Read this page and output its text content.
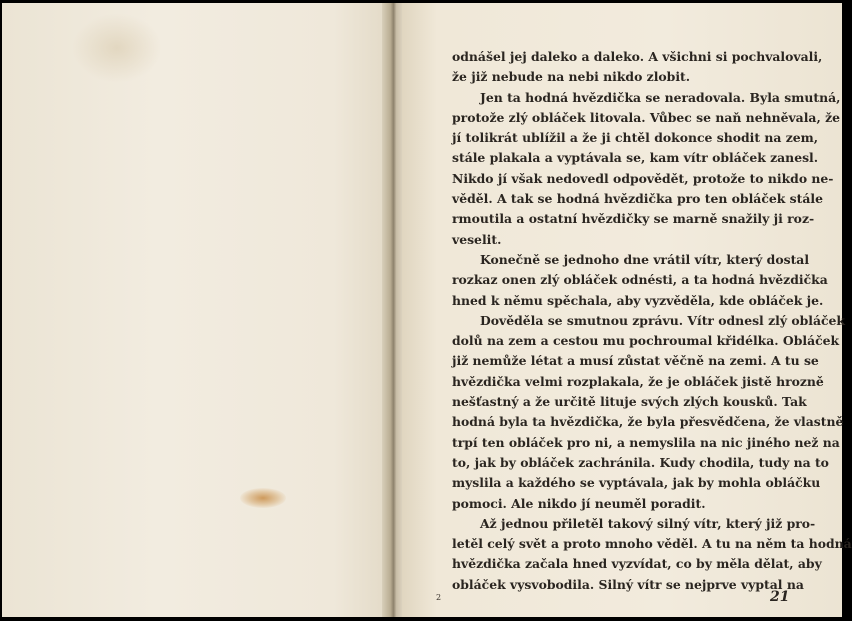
odnášel jej daleko a daleko. A všichni si pochvalovali,
že již nebude na nebi nikdo zlobit.
Jen ta hodná hvězdička se neradovala. Byla smutná,
protože zlý obláček litovala. Vůbec se naň nehněvala, že
jí tolikrát ublížil a že ji chtěl dokonce shodit na zem,
stále plakala a vyptávala se, kam vítr obláček zanesl.
Nikdo jí však nedovedl odpovědět, protože to nikdo ne-
věděl. A tak se hodná hvězdička pro ten obláček stále
rmoutila a ostatní hvězdičky se marně snažily ji roz-
veselit.
Konečně se jednoho dne vrátil vítr, který dostal
rozkaz onen zlý obláček odnésti, a ta hodná hvězdička
hned k němu spěchala, aby vyzvěděla, kde obláček je.
Dověděla se smutnou zprávu. Vítr odnesl zlý obláček
dolů na zem a cestou mu pochroumal křidélka. Obláček
již nemůže létat a musí zůstat věčně na zemi. A tu se
hvězdička velmi rozplakala, že je obláček jistě hrozně
nešťastný a že určitě lituje svých zlých kousků. Tak
hodná byla ta hvězdička, že byla přesvědčena, že vlastně
trpí ten obláček pro ni, a nemyslila na nic jiného než na
to, jak by obláček zachránila. Kudy chodila, tudy na to
myslila a každého se vyptávala, jak by mohla obláčku
pomoci. Ale nikdo jí neuměl poradit.
Až jednou přiletěl takový silný vítr, který již pro-
letěl celý svět a proto mnoho věděl. A tu na něm ta hodná
hvězdička začala hned vyzvídat, co by měla dělat, aby
obláček vysvobodila. Silný vítr se nejprve vyptal na
2	21
